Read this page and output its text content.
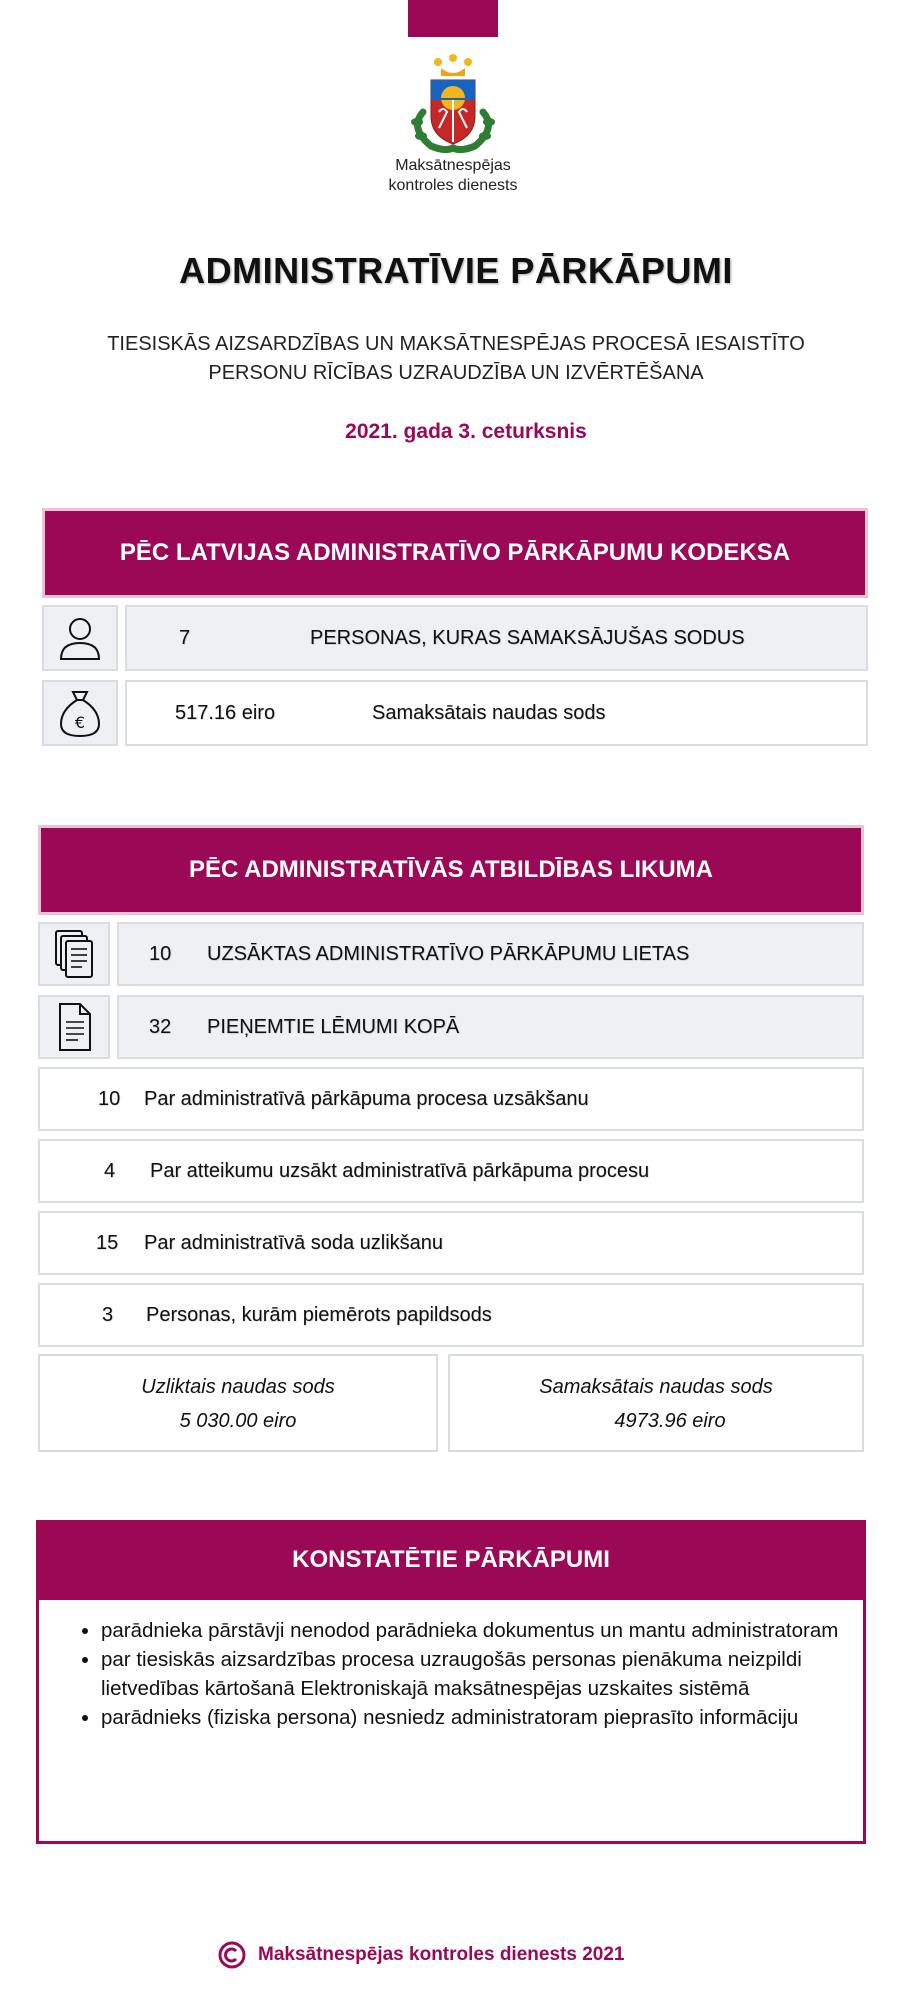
Maksātnespējas
kontroles dienests
ADMINISTRATĪVIE PĀRKĀPUMI
TIESISKĀS AIZSARDZĪBAS UN MAKSĀTNESPĒJAS PROCESĀ IESAISTĪTO
PERSONU RĪCĪBAS UZRAUDZĪBA UN IZVĒRTĒŠANA
2021. gada 3. ceturksnis
PĒC LATVIJAS ADMINISTRATĪVO PĀRKĀPUMU KODEKSA
7	PERSONAS, KURAS SAMAKSĀJUŠAS SODUS
€	517.16 eiro	Samaksātais naudas sods
PĒC ADMINISTRATĪVĀS ATBILDĪBAS LIKUMA
10 UZSĀKTAS ADMINISTRATĪVO PĀRKĀPUMU LIETAS
32 PIEŅEMTIE LĒMUMI KOPĀ
10 Par administratīvā pārkāpuma procesa uzsākšanu
4 Par atteikumu uzsākt administratīvā pārkāpuma procesu
15 Par administratīvā soda uzlikšanu
3 Personas, kurām piemērots papildsods
Uzliktais naudas sods
5 030.00 eiro
Samaksātais naudas sods
4973.96 eiro
KONSTATĒTIE PĀRKĀPUMI
• parādnieka pārstāvji nenodod parādnieka dokumentus un mantu administratoram
• par tiesiskās aizsardzības procesa uzraugošās personas pienākuma neizpildi lietvedības kārtošanā Elektroniskajā maksātnespējas uzskaites sistēmā
• parādnieks (fiziska persona) nesniedz administratoram pieprasīto informāciju
Maksātnespējas kontroles dienests 2021
